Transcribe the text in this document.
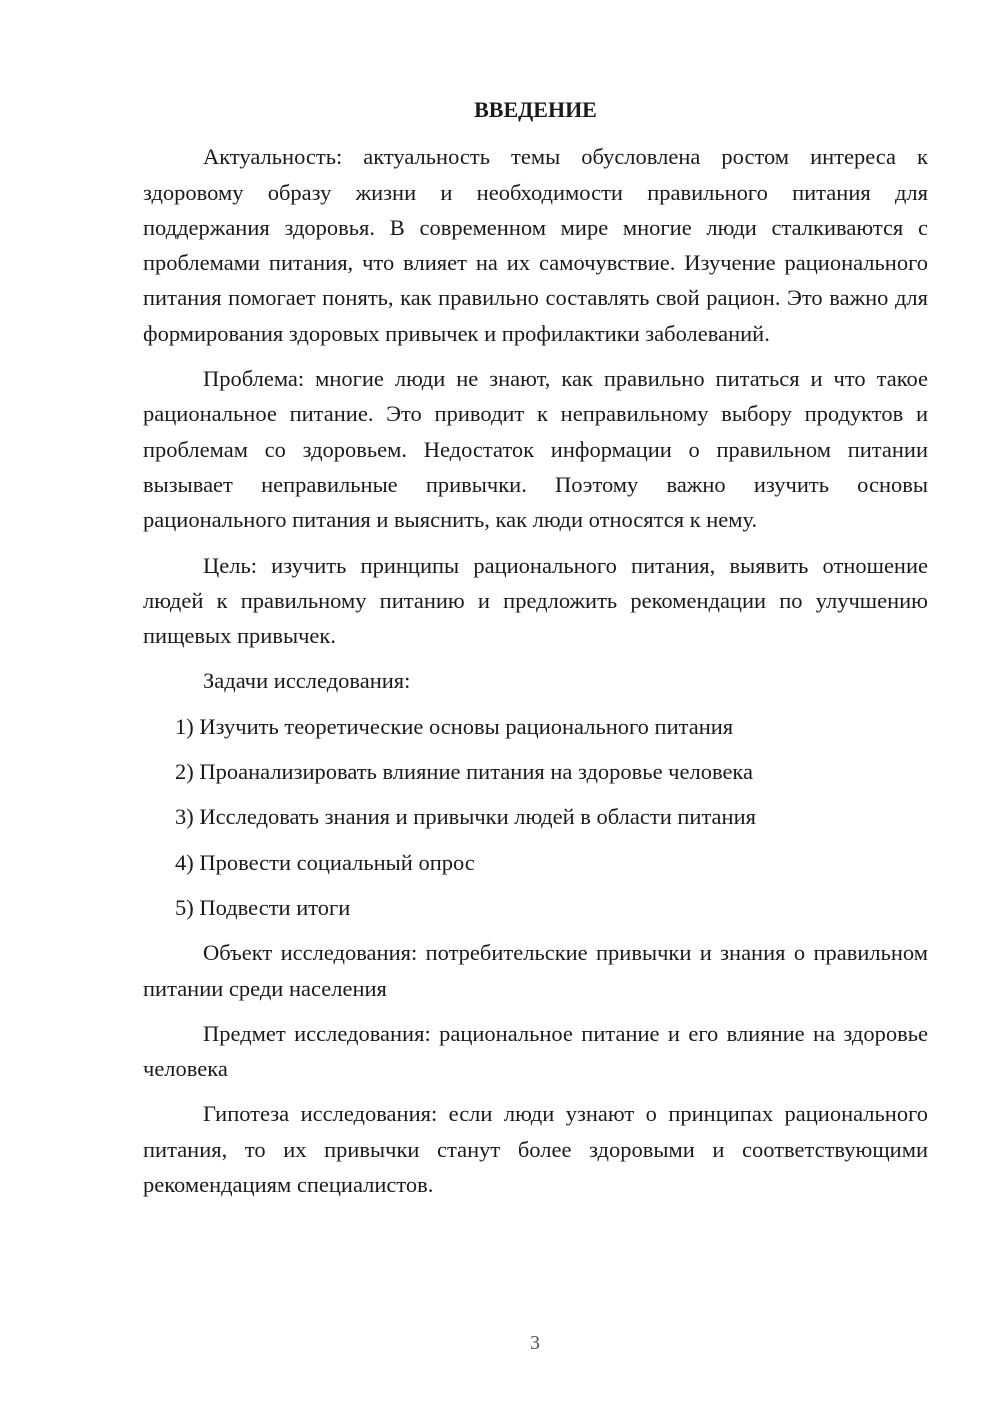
ВВЕДЕНИЕ

Актуальность: актуальность темы обусловлена ростом интереса к здоровому образу жизни и необходимости правильного питания для поддержания здоровья. В современном мире многие люди сталкиваются с проблемами питания, что влияет на их самочувствие. Изучение рационального питания помогает понять, как правильно составлять свой рацион. Это важно для формирования здоровых привычек и профилактики заболеваний.

Проблема: многие люди не знают, как правильно питаться и что такое рациональное питание. Это приводит к неправильному выбору продуктов и проблемам со здоровьем. Недостаток информации о правильном питании вызывает неправильные привычки. Поэтому важно изучить основы рационального питания и выяснить, как люди относятся к нему.

Цель: изучить принципы рационального питания, выявить отношение людей к правильному питанию и предложить рекомендации по улучшению пищевых привычек.

Задачи исследования:

1) Изучить теоретические основы рационального питания
2) Проанализировать влияние питания на здоровье человека
3) Исследовать знания и привычки людей в области питания
4) Провести социальный опрос
5) Подвести итоги

Объект исследования: потребительские привычки и знания о правильном питании среди населения

Предмет исследования: рациональное питание и его влияние на здоровье человека

Гипотеза исследования: если люди узнают о принципах рационального питания, то их привычки станут более здоровыми и соответствующими рекомендациям специалистов.

3
